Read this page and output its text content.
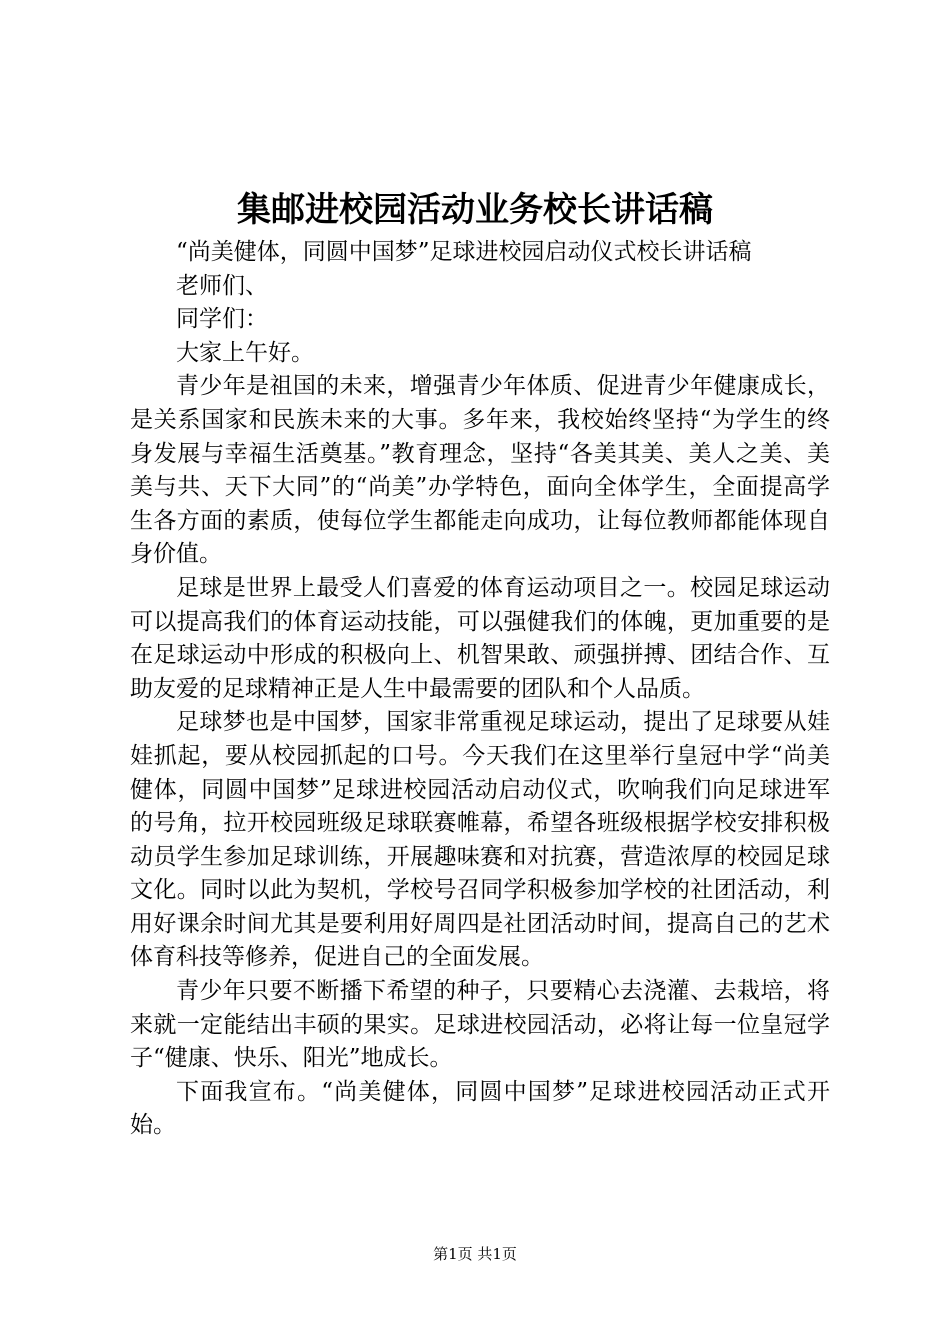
集邮进校园活动业务校长讲话稿

“尚美健体，同圆中国梦”足球进校园启动仪式校长讲话稿

老师们、

同学们：

大家上午好。

青少年是祖国的未来，增强青少年体质、促进青少年健康成长，是关系国家和民族未来的大事。多年来，我校始终坚持“为学生的终身发展与幸福生活奠基。”教育理念，坚持“各美其美、美人之美、美美与共、天下大同”的“尚美”办学特色，面向全体学生，全面提高学生各方面的素质，使每位学生都能走向成功，让每位教师都能体现自身价值。

足球是世界上最受人们喜爱的体育运动项目之一。校园足球运动可以提高我们的体育运动技能，可以强健我们的体魄，更加重要的是在足球运动中形成的积极向上、机智果敢、顽强拼搏、团结合作、互助友爱的足球精神正是人生中最需要的团队和个人品质。

足球梦也是中国梦，国家非常重视足球运动，提出了足球要从娃娃抓起，要从校园抓起的口号。今天我们在这里举行皇冠中学“尚美健体，同圆中国梦”足球进校园活动启动仪式，吹响我们向足球进军的号角，拉开校园班级足球联赛帷幕，希望各班级根据学校安排积极动员学生参加足球训练，开展趣味赛和对抗赛，营造浓厚的校园足球文化。同时以此为契机，学校号召同学积极参加学校的社团活动，利用好课余时间尤其是要利用好周四是社团活动时间，提高自己的艺术体育科技等修养，促进自己的全面发展。

青少年只要不断播下希望的种子，只要精心去浇灌、去栽培，将来就一定能结出丰硕的果实。足球进校园活动，必将让每一位皇冠学子“健康、快乐、阳光”地成长。

下面我宣布。“尚美健体，同圆中国梦”足球进校园活动正式开始。

第1页 共1页
